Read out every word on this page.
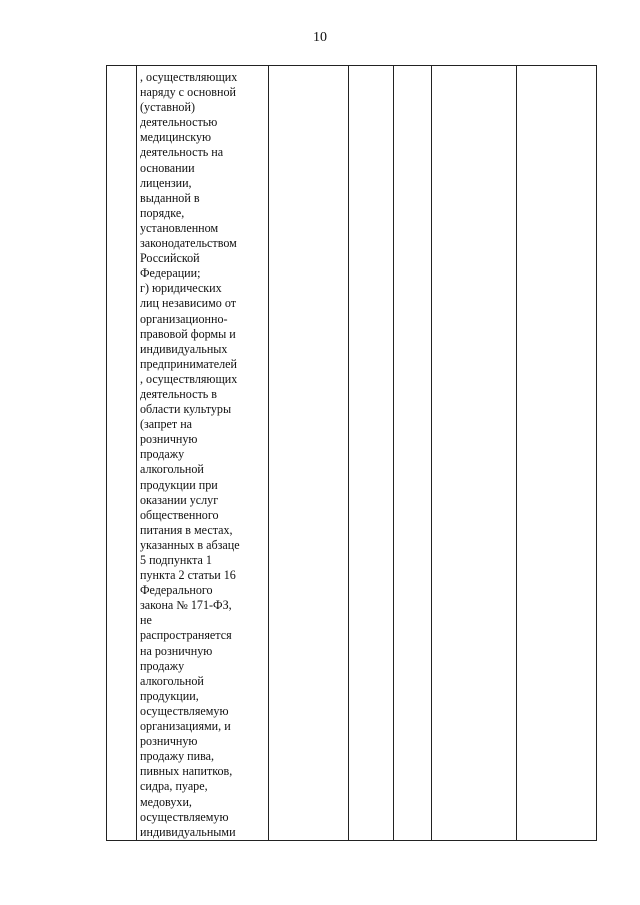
10

, осуществляющих
наряду с основной
(уставной)
деятельностью
медицинскую
деятельность на
основании
лицензии,
выданной в
порядке,
установленном
законодательством
Российской
Федерации;
г) юридических
лиц независимо от
организационно-
правовой формы и
индивидуальных
предпринимателей
, осуществляющих
деятельность в
области культуры
(запрет на
розничную
продажу
алкогольной
продукции при
оказании услуг
общественного
питания в местах,
указанных в абзаце
5 подпункта 1
пункта 2 статьи 16
Федерального
закона № 171-ФЗ,
не
распространяется
на розничную
продажу
алкогольной
продукции,
осуществляемую
организациями, и
розничную
продажу пива,
пивных напитков,
сидра, пуаре,
медовухи,
осуществляемую
индивидуальными
